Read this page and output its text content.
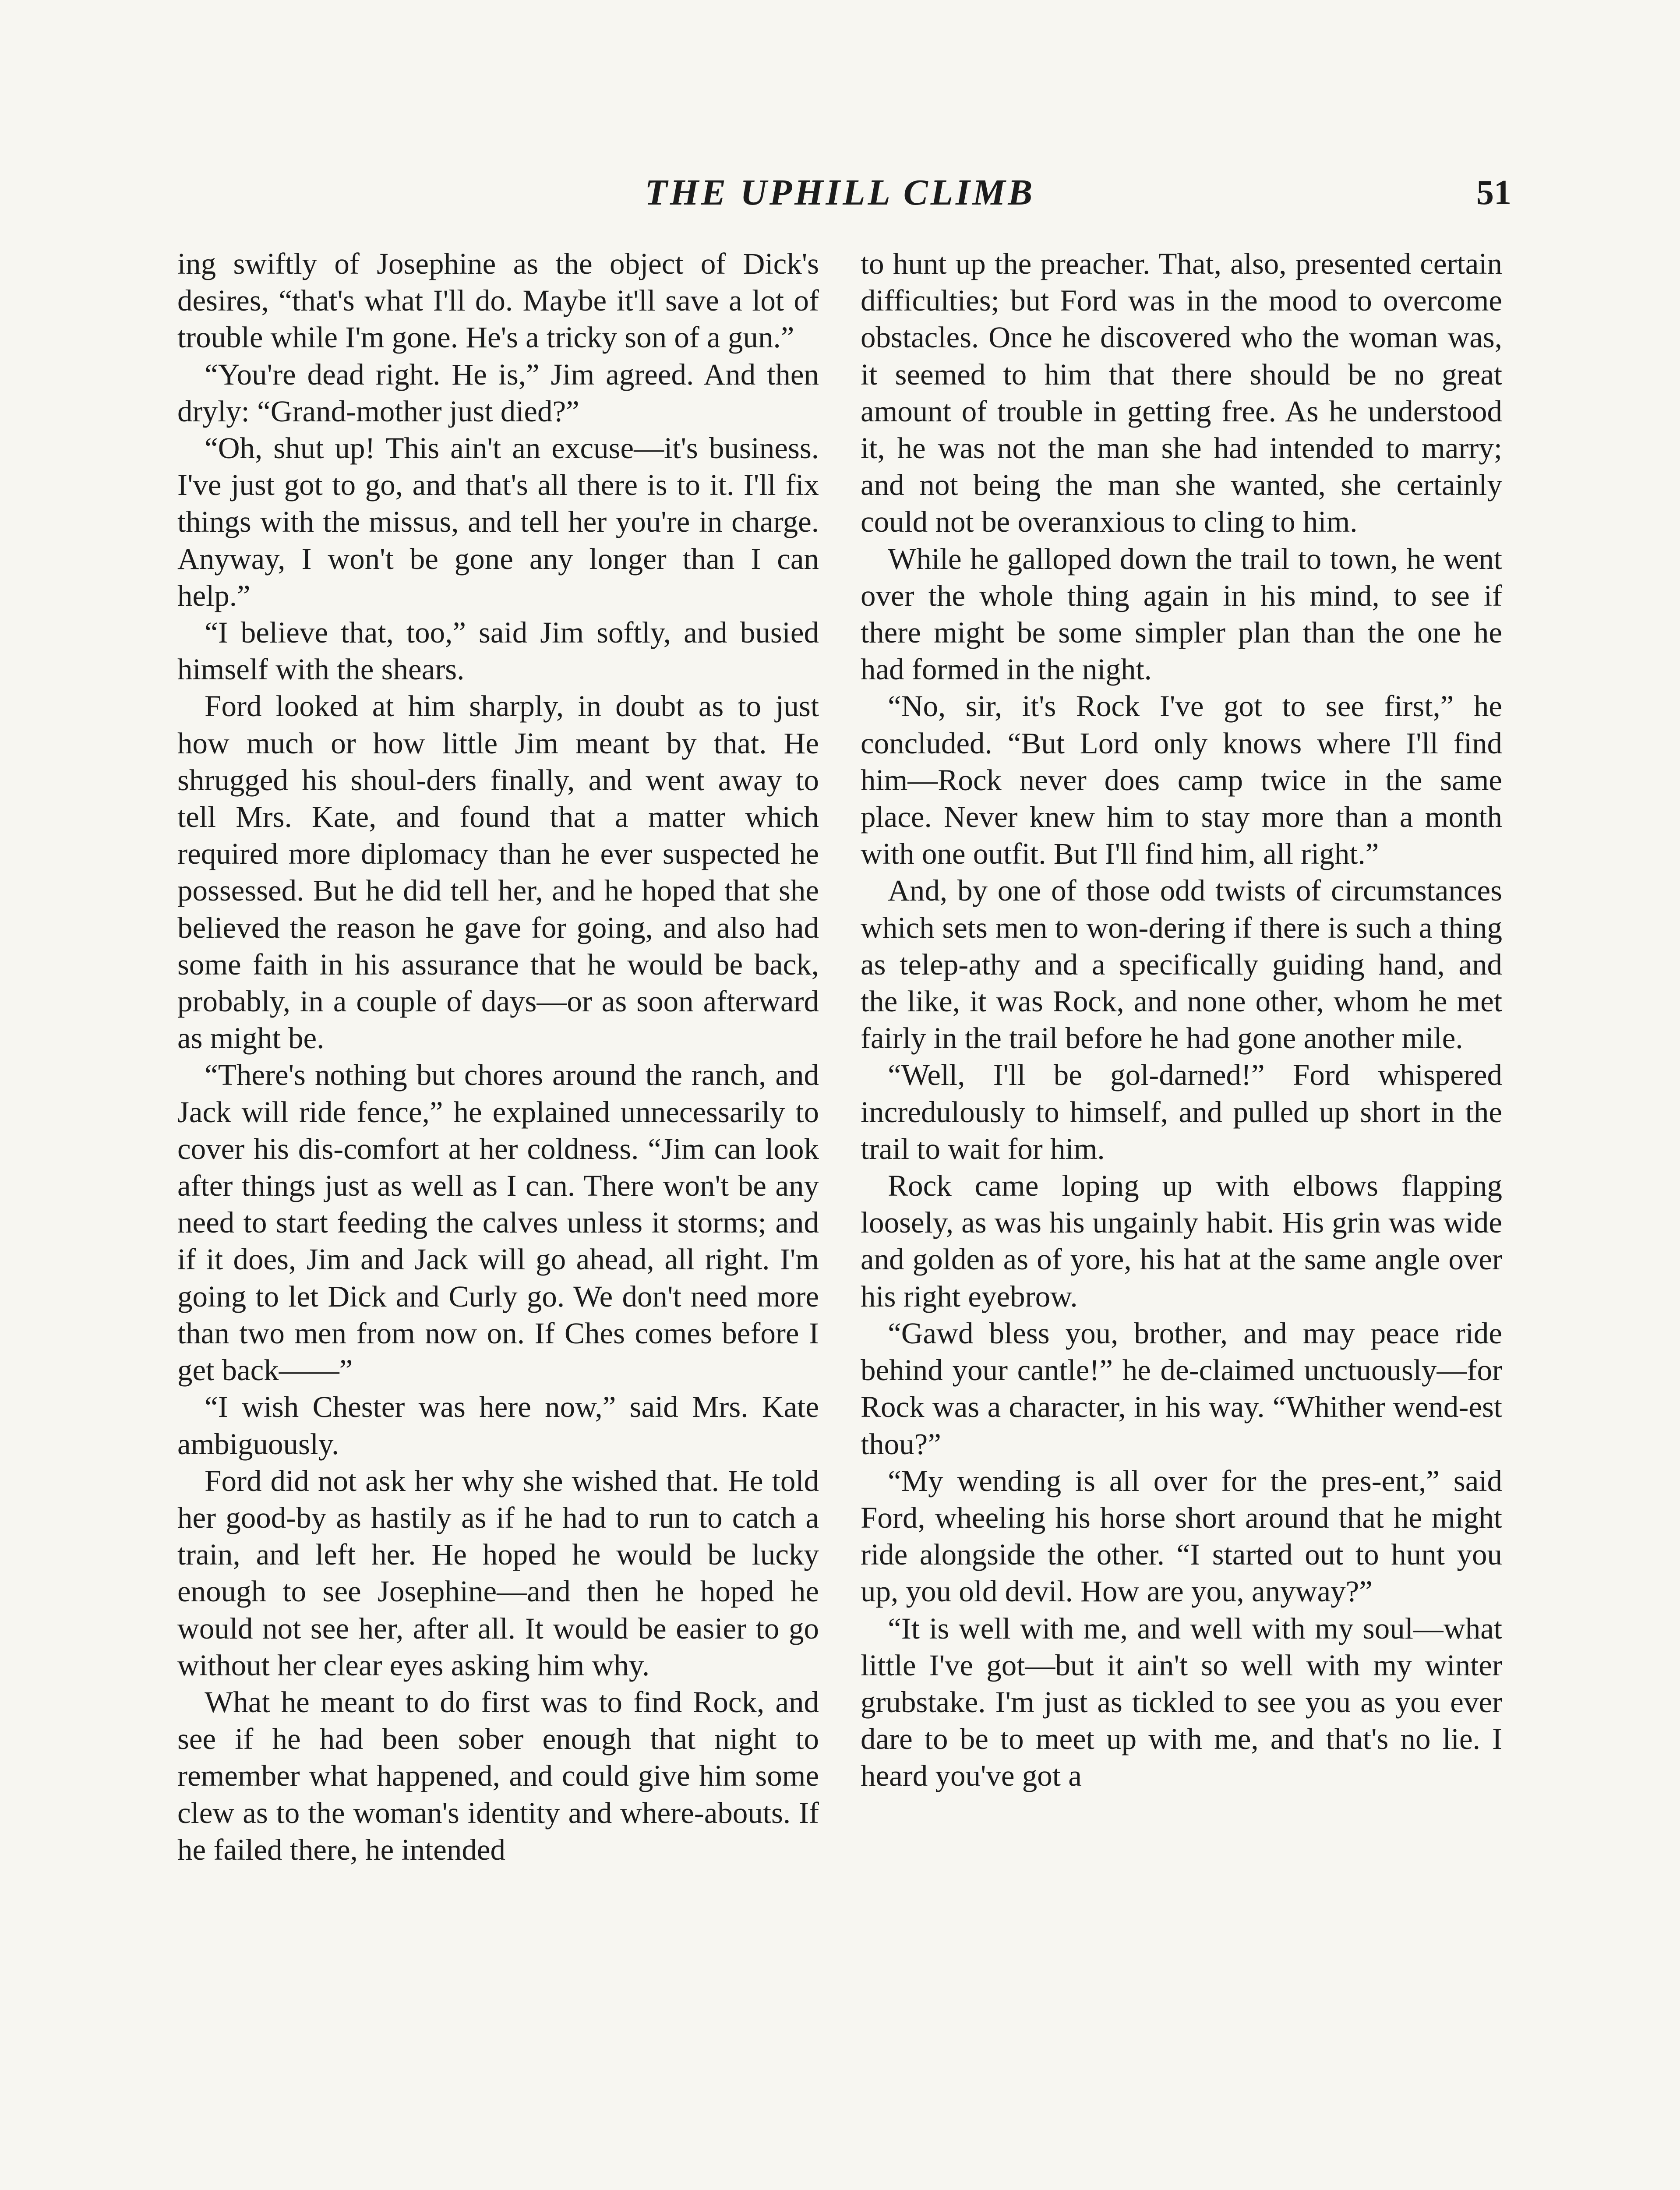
THE UPHILL CLIMB	51

ing swiftly of Josephine as the object of Dick's desires, “that's what I'll do. Maybe it'll save a lot of trouble while I'm gone. He's a tricky son of a gun.”

“You're dead right. He is,” Jim agreed. And then dryly: “Grand-mother just died?”

“Oh, shut up! This ain't an excuse—it's business. I've just got to go, and that's all there is to it. I'll fix things with the missus, and tell her you're in charge. Anyway, I won't be gone any longer than I can help.”

“I believe that, too,” said Jim softly, and busied himself with the shears.

Ford looked at him sharply, in doubt as to just how much or how little Jim meant by that. He shrugged his shoul-ders finally, and went away to tell Mrs. Kate, and found that a matter which required more diplomacy than he ever suspected he possessed. But he did tell her, and he hoped that she believed the reason he gave for going, and also had some faith in his assurance that he would be back, probably, in a couple of days—or as soon afterward as might be.

“There's nothing but chores around the ranch, and Jack will ride fence,” he explained unnecessarily to cover his dis-comfort at her coldness. “Jim can look after things just as well as I can. There won't be any need to start feeding the calves unless it storms; and if it does, Jim and Jack will go ahead, all right. I'm going to let Dick and Curly go. We don't need more than two men from now on. If Ches comes before I get back——”

“I wish Chester was here now,” said Mrs. Kate ambiguously.

Ford did not ask her why she wished that. He told her good-by as hastily as if he had to run to catch a train, and left her. He hoped he would be lucky enough to see Josephine—and then he hoped he would not see her, after all. It would be easier to go without her clear eyes asking him why.

What he meant to do first was to find Rock, and see if he had been sober enough that night to remember what happened, and could give him some clew as to the woman's identity and where-abouts. If he failed there, he intended

to hunt up the preacher. That, also, presented certain difficulties; but Ford was in the mood to overcome obstacles. Once he discovered who the woman was, it seemed to him that there should be no great amount of trouble in getting free. As he understood it, he was not the man she had intended to marry; and not being the man she wanted, she certainly could not be overanxious to cling to him.

While he galloped down the trail to town, he went over the whole thing again in his mind, to see if there might be some simpler plan than the one he had formed in the night.

“No, sir, it's Rock I've got to see first,” he concluded. “But Lord only knows where I'll find him—Rock never does camp twice in the same place. Never knew him to stay more than a month with one outfit. But I'll find him, all right.”

And, by one of those odd twists of circumstances which sets men to won-dering if there is such a thing as telep-athy and a specifically guiding hand, and the like, it was Rock, and none other, whom he met fairly in the trail before he had gone another mile.

“Well, I'll be gol-darned!” Ford whispered incredulously to himself, and pulled up short in the trail to wait for him.

Rock came loping up with elbows flapping loosely, as was his ungainly habit. His grin was wide and golden as of yore, his hat at the same angle over his right eyebrow.

“Gawd bless you, brother, and may peace ride behind your cantle!” he de-claimed unctuously—for Rock was a character, in his way. “Whither wend-est thou?”

“My wending is all over for the pres-ent,” said Ford, wheeling his horse short around that he might ride alongside the other. “I started out to hunt you up, you old devil. How are you, anyway?”

“It is well with me, and well with my soul—what little I've got—but it ain't so well with my winter grubstake. I'm just as tickled to see you as you ever dare to be to meet up with me, and that's no lie. I heard you've got a
